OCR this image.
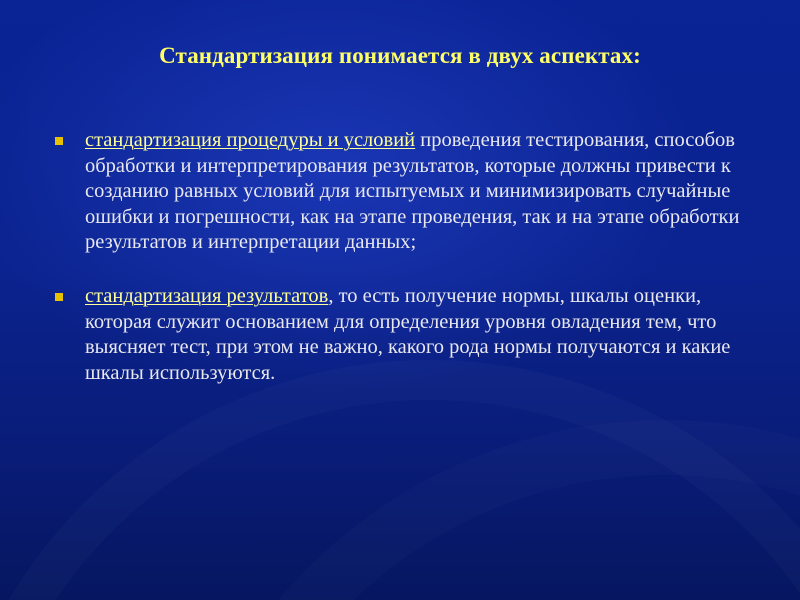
Стандартизация понимается в двух аспектах:
стандартизация процедуры и условий проведения тестирования, способов обработки и интерпретирования результатов, которые должны привести к созданию равных условий для испытуемых и минимизировать случайные ошибки и погрешности, как на этапе проведения, так и на этапе обработки результатов и интерпретации данных;
стандартизация результатов, то есть получение нормы, шкалы оценки, которая служит основанием для определения уровня овладения тем, что выясняет тест, при этом не важно, какого рода нормы получаются и какие шкалы используются.
